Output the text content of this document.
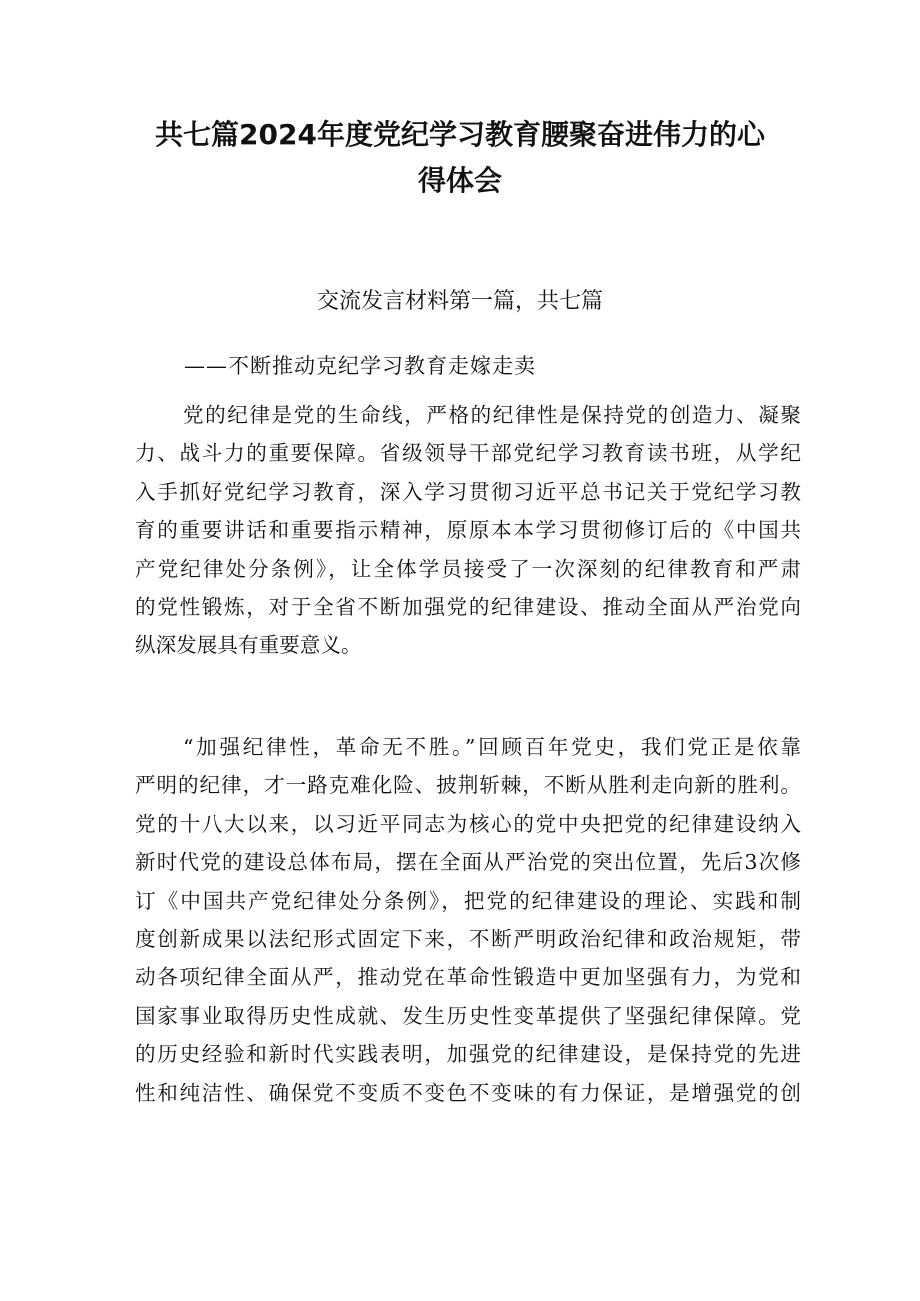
共七篇2024年度党纪学习教育腰聚奋进伟力的心
得体会
交流发言材料第一篇，共七篇
——不断推动克纪学习教育走嫁走卖
党的纪律是党的生命线，严格的纪律性是保持党的创造力、凝聚
力、战斗力的重要保障。省级领导干部党纪学习教育读书班，从学纪
入手抓好党纪学习教育，深入学习贯彻习近平总书记关于党纪学习教
育的重要讲话和重要指示精神，原原本本学习贯彻修订后的《中国共
产党纪律处分条例》，让全体学员接受了一次深刻的纪律教育和严肃
的党性锻炼，对于全省不断加强党的纪律建设、推动全面从严治党向
纵深发展具有重要意义。
“加强纪律性，革命无不胜。”回顾百年党史，我们党正是依靠
严明的纪律，才一路克难化险、披荆斩棘，不断从胜利走向新的胜利。
党的十八大以来，以习近平同志为核心的党中央把党的纪律建设纳入
新时代党的建设总体布局，摆在全面从严治党的突出位置，先后3次修
订《中国共产党纪律处分条例》，把党的纪律建设的理论、实践和制
度创新成果以法纪形式固定下来，不断严明政治纪律和政治规矩，带
动各项纪律全面从严，推动党在革命性锻造中更加坚强有力，为党和
国家事业取得历史性成就、发生历史性变革提供了坚强纪律保障。党
的历史经验和新时代实践表明，加强党的纪律建设，是保持党的先进
性和纯洁性、确保党不变质不变色不变味的有力保证，是增强党的创
